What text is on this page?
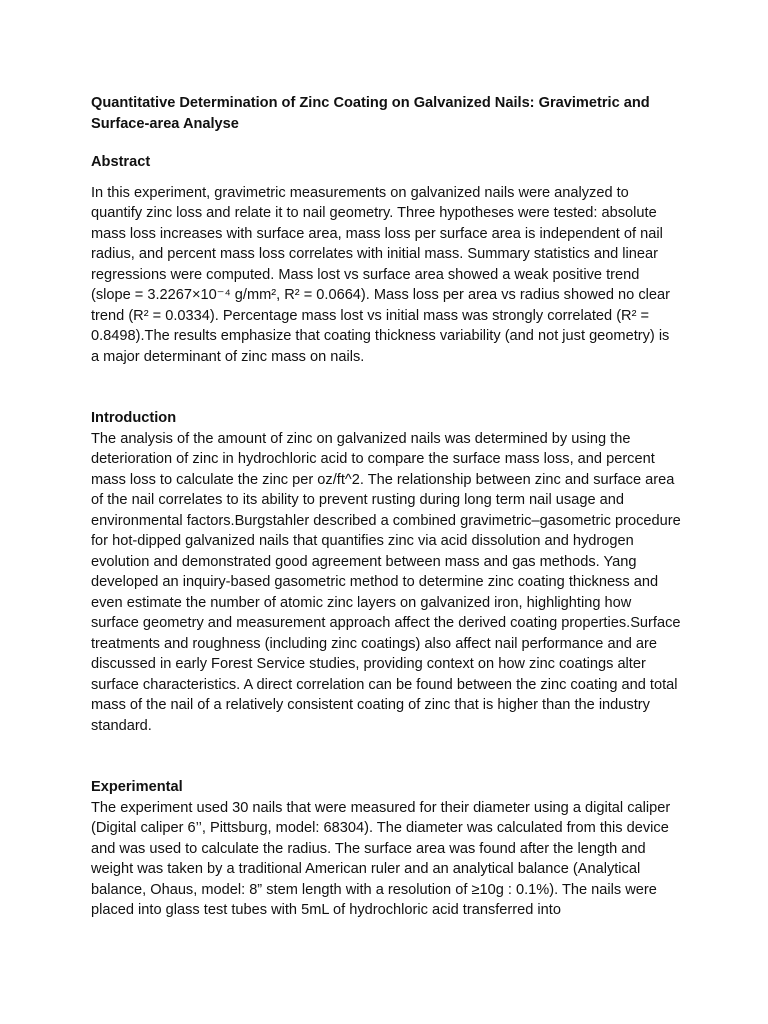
Quantitative Determination of Zinc Coating on Galvanized Nails: Gravimetric and Surface-area Analyse
Abstract

In this experiment, gravimetric measurements on galvanized nails were analyzed to quantify zinc loss and relate it to nail geometry. Three hypotheses were tested: absolute mass loss increases with surface area, mass loss per surface area is independent of nail radius, and percent mass loss correlates with initial mass. Summary statistics and linear regressions were computed. Mass lost vs surface area showed a weak positive trend (slope = 3.2267×10⁻⁴ g/mm², R² = 0.0664). Mass loss per area vs radius showed no clear trend (R² = 0.0334). Percentage mass lost vs initial mass was strongly correlated (R² = 0.8498).The results emphasize that coating thickness variability (and not just geometry) is a major determinant of zinc mass on nails.

Introduction

The analysis of the amount of zinc on galvanized nails was determined by using the deterioration of zinc in hydrochloric acid to compare the surface mass loss, and percent mass loss to calculate the zinc per oz/ft^2. The relationship between zinc and surface area of the nail correlates to its ability to prevent rusting during long term nail usage and environmental factors.Burgstahler described a combined gravimetric–gasometric procedure for hot-dipped galvanized nails that quantifies zinc via acid dissolution and hydrogen evolution and demonstrated good agreement between mass and gas methods. Yang developed an inquiry-based gasometric method to determine zinc coating thickness and even estimate the number of atomic zinc layers on galvanized iron, highlighting how surface geometry and measurement approach affect the derived coating properties.Surface treatments and roughness (including zinc coatings) also affect nail performance and are discussed in early Forest Service studies, providing context on how zinc coatings alter surface characteristics. A direct correlation can be found between the zinc coating and total mass of the nail of a relatively consistent coating of zinc that is higher than the industry standard.

Experimental

The experiment used 30 nails that were measured for their diameter using a digital caliper (Digital caliper 6’’, Pittsburg, model: 68304). The diameter was calculated from this device and was used to calculate the radius. The surface area was found after the length and weight was taken by a traditional American ruler and an analytical balance (Analytical balance, Ohaus, model: 8” stem length with a resolution of ≥10g : 0.1%). The nails were placed into glass test tubes with 5mL of hydrochloric acid transferred into
